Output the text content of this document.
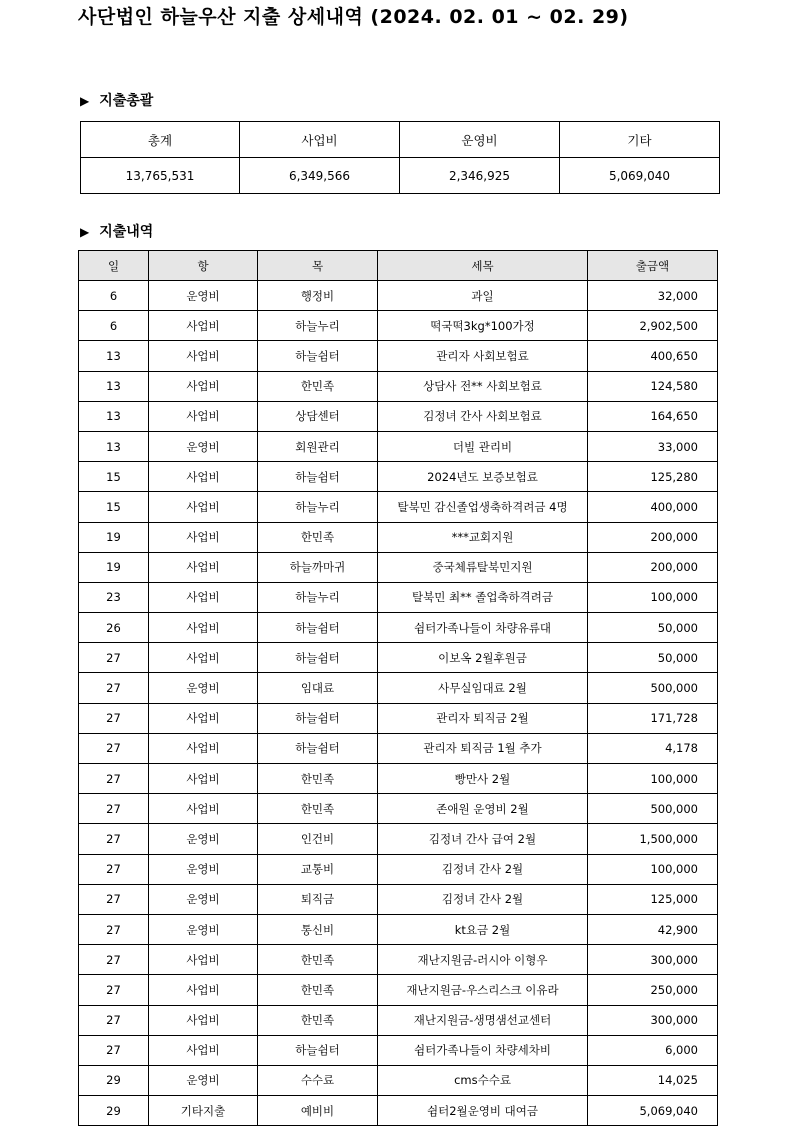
사단법인 하늘우산 지출 상세내역 (2024. 02. 01 ~ 02. 29)
▶ 지출총괄
총계	사업비	운영비	기타
13,765,531	6,349,566	2,346,925	5,069,040
▶ 지출내역
일	항	목	세목	출금액
6	운영비	행정비	과일	32,000
6	사업비	하늘누리	떡국떡3kg*100가정	2,902,500
13	사업비	하늘쉼터	관리자 사회보험료	400,650
13	사업비	한민족	상담사 전** 사회보험료	124,580
13	사업비	상담센터	김정녀 간사 사회보험료	164,650
13	운영비	회원관리	더빌 관리비	33,000
15	사업비	하늘쉼터	2024년도 보증보험료	125,280
15	사업비	하늘누리	탈북민 감신졸업생축하격려금 4명	400,000
19	사업비	한민족	***교회지원	200,000
19	사업비	하늘까마귀	중국체류탈북민지원	200,000
23	사업비	하늘누리	탈북민 최** 졸업축하격려금	100,000
26	사업비	하늘쉼터	쉼터가족나들이 차량유류대	50,000
27	사업비	하늘쉼터	이보옥 2월후원금	50,000
27	운영비	임대료	사무실임대료 2월	500,000
27	사업비	하늘쉼터	관리자 퇴직금 2월	171,728
27	사업비	하늘쉼터	관리자 퇴직금 1월 추가	4,178
27	사업비	한민족	빵만사 2월	100,000
27	사업비	한민족	존애원 운영비 2월	500,000
27	운영비	인건비	김정녀 간사 급여 2월	1,500,000
27	운영비	교통비	김정녀 간사 2월	100,000
27	운영비	퇴직금	김정녀 간사 2월	125,000
27	운영비	통신비	kt요금 2월	42,900
27	사업비	한민족	재난지원금-러시아 이형우	300,000
27	사업비	한민족	재난지원금-우스리스크 이유라	250,000
27	사업비	한민족	재난지원금-생명샘선교센터	300,000
27	사업비	하늘쉼터	쉼터가족나들이 차량세차비	6,000
29	운영비	수수료	cms수수료	14,025
29	기타지출	예비비	쉼터2월운영비 대여금	5,069,040
